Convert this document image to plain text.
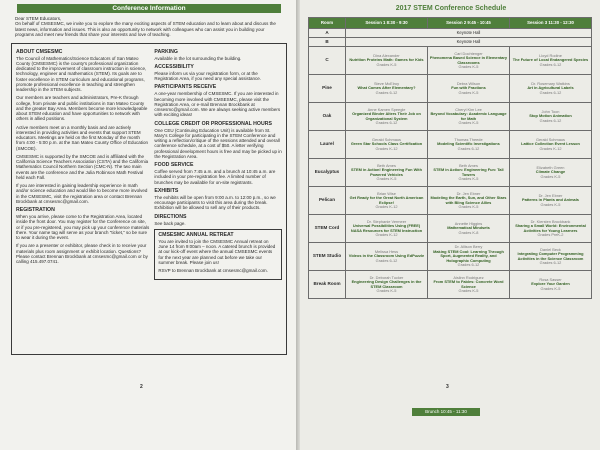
Conference Information
Dear STEM Educators,
On behalf of CMSESMC, we invite you to explore the many exciting aspects of STEM education and to learn about and discuss the latest news, information and issues. This is also an opportunity to network with colleagues who can assist you in building your programs and meet new friends that share your interests and love of teaching.
ABOUT CMSESMC
The Council of Mathematics/Science Educators of San Mateo County (CMSESMC) is the county's professional organization dedicated to the improvement of classroom instruction in science, technology, engineer and mathematics (STEM). Its goals are to foster excellence in STEM curriculum and educational programs, promote professional excellence in teaching and strengthen leadership in the STEM subjects.
Our members are teachers and administrators, Pre-K through college, from private and public institutions in San Mateo County and the greater Bay Area. Members become more knowledgeable about STEM education and have opportunities to network with others in allied positions.
Active members meet on a monthly basis and are actively interested in providing activities and events that support STEM educators. Meetings are held on the first Monday of the month from 4:00 - 5:00 p.m. at the San Mateo County Office of Education (SMCOE).
CMSESMC is supported by the SMCOE and is affiliated with the California Science Teachers Association (CSTA) and the California Mathematics Council Northern Section (CMC-N). The two main events are the conference and the Julia Robinson Math Festival held each Fall.
If you are interested in gaining leadership experience in math and/or science education and would like to become more involved in the CMSESMC, visit the registration area or contact Brennan Brockbank at cmsesmc@gmail.com.
REGISTRATION
When you arrive, please come to the Registration Area, located inside the front door. You may register for the Conference on site, or if you pre-registered, you may pick up your conference materials there. Your name tag will serve as your branch "ticket," so be sure to wear it during the event.
If you are a presenter or exhibitor, please check in to receive your materials plus room assignment or exhibit location. Questions? Please contact Brennan Brockbank at cmsesmc@gmail.com or by calling 415.497.0741.
PARKING
Available in the lot surrounding the building.
ACCESSIBILITY
Please inform us via your registration form, or at the Registration Area, if you need any special assistance.
PARTICIPANTS RECEIVE
A one-year membership of CMSESMC. If you are interested in becoming more involved with CMSESMC, please visit the Registration Area, or e-mail Brennan Brockbank at cmsesmc@gmail.com. We are always seeking active members with exciting ideas!
COLLEGE CREDIT OR PROFESSIONAL HOURS
One CEU (Continuing Education Unit) is available from St. Mary's College for participating in the STEM Conference and writing a reflection/critique of the sessions attended and overall conference schedule, at a cost of $50. A letter verifying professional development hours is free and may be picked up in the Registration Area.
FOOD SERVICE
Coffee served from 7:45 a.m. and a brunch at 10:45 a.m. are included in your pre-registration fee. A limited number of brunches may be available for on-site registrants.
EXHIBITS
The exhibits will be open from 9:00 a.m. to 12:00 p.m., so we encourage participants to visit this area during the break. Exhibition will be allowed to sell any of their products.
DIRECTIONS
See back page.
CMSESMC ANNUAL RETREAT
You are invited to join the CMSESMC Annual retreat on June 14 from 9:00am – noon. A catered brunch is provided at our kick-off event where the annual CMSESMC events for the next year are planned out before we take our summer break. Please join us!
RSVP to Brennan Brockbank at cmsesmc@gmail.com.
2
2017 STEM Conference Schedule
Room	Session 1 8:30 - 9:30	Session 2 9:45 - 10:45	Session 3 11:30 - 12:30
A	Keynote Hall		
B	Keynote Hall		
C	Dina Alexander
Nutrition Proteins Math: Games for Kids
Grades K-5	Carl Dochtenger
Phenomena Based Science in Elementary Classrooms
Grades K-5	Lloyd Rodine
The Future of Local Endangered Species
Grades 6-12

Pine	Steve McElroy
What Comes After Elementary?
Grades 6-12	Debra Wilson
Fun with Fractions
Grades K-5	Dr. Rosemary Watkins
Art in Agricultural Labels
Grades 6-12

Oak	Anne Kamen Speegle
Organized Binder Alters Their Job on Organizational System
Grades 6-12	Cheryl Kim Lee
Beyond Vocabulary: Academic Language for Math
Grades K-5	John Toon
Stop Motion Animation
Grades 6-12

Laurel	Gerald Schmaus
Green Star Schools Class Certification
Grades K-12	Thomas Theede
Modeling Scientific Investigations
Grades 6-12	Gerald Schmaus
Lattice Collection Event Lesson
Grades K-12

Eucalyptus	Beth Ames
STEM in Action! Engineering Fun With Powered Vehicles
Grades K-5	Beth Ames
STEM in Action: Engineering Fun: Tall Towers
Grades K-5	Elizabeth Green
Climate Change
Grades K-5

Pelican	Brian Wise
Get Ready for the Great North American Eclipse!
Grades K-12	Dr. Jen Ebner
Modeling the Earth, Sun, and Other Stars with Bling Science Allies
Grades K-5	Dr. Jen Ebner
Patterns in Plants and Animals
Grades K-5

STEM Cord	Dr. Stephanie Vermeer
Universal Possibilities Using (FREE) NASA Resources for STEM Instruction
Grades K-12	Annette Higgins
Mathematical Mindsets
Grades K-8	Dr. Kiersten Brockbank
Sharing a Small World: Environmental Activities for Young Learners
Grades PreK-2

STEM Studio	Melissa Hess
Videos in the Classroom Using EdPuzzle
Grades 6-12	Dr. Allison Berry
Making STEM Cool: Learning Through Sport, Augmented Reality, and Holographic Computing
Grades 6-12	Daniel Beck
Integrating Computer Programming Activities in the Science Classroom
Grades 6-12

Break Room	Dr. Deborah Tucker
Engineering Design Challenges in the STEM Classroom
Grades K-5	Aislinn Rodriguez
From STEM to Fables: Concrete Word Science
Grades K-5	Rosa Sasser
Explore Your Garden
Grades K-5
Brunch 10:45 - 11:30
3
